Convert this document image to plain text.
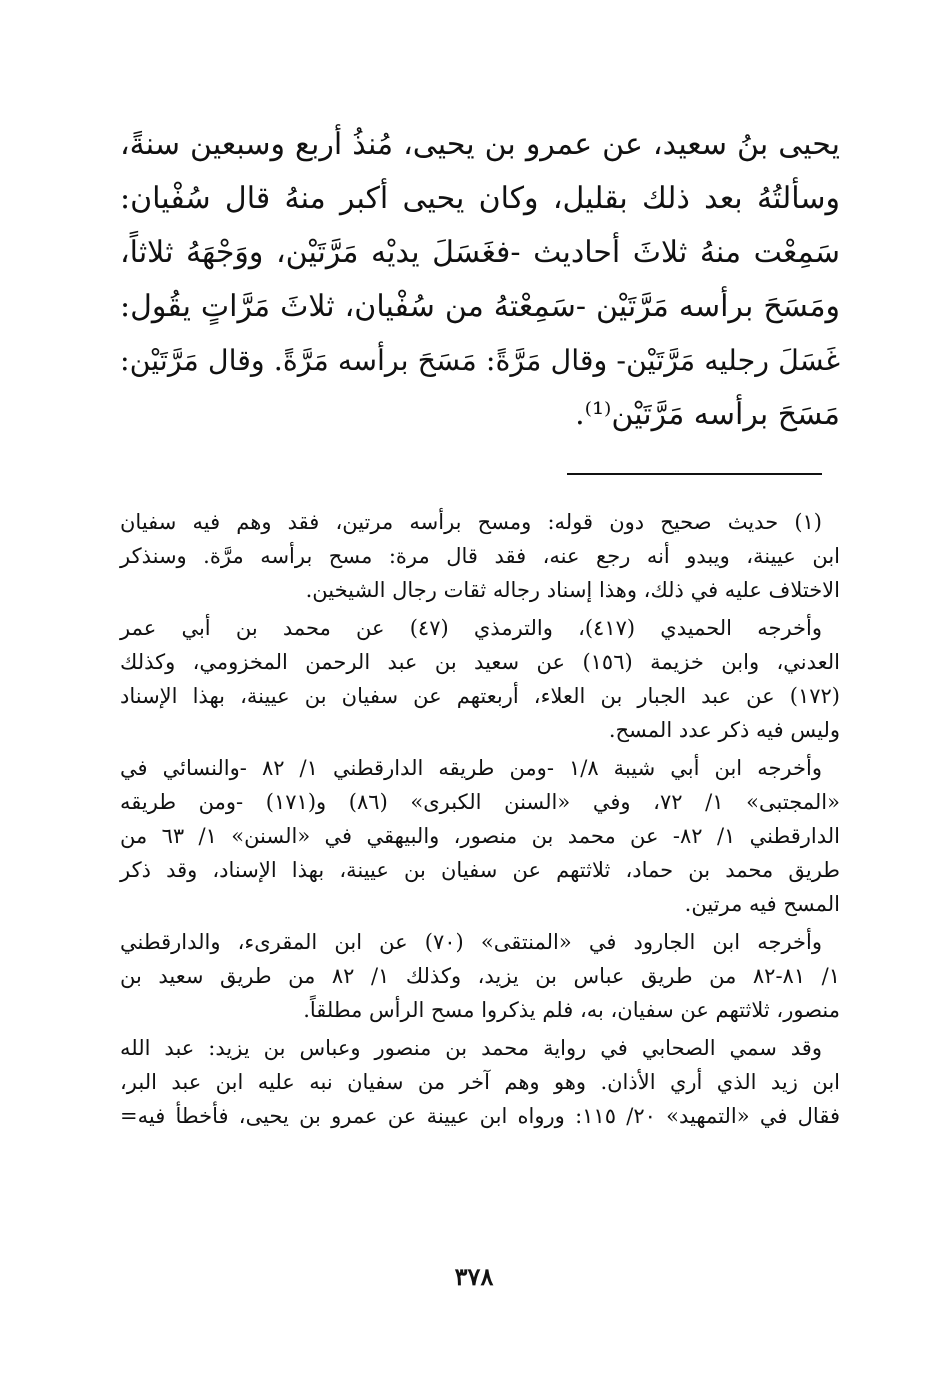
يحيى بنُ سعيد، عن عمرو بن يحيى، مُنذُ أربع وسبعين سنةً،
وسألتُهُ بعد ذلك بقليل، وكان يحيى أكبر منهُ قال سُفْيان:
سَمِعْت منهُ ثلاثَ أحاديث -فغَسَلَ يديْه مَرَّتَيْن، ووَجْهَهُ ثلاثاً،
ومَسَحَ برأسه مَرَّتَيْن -سَمِعْتهُ من سُفْيان، ثلاثَ مَرَّاتٍ يقُول:
غَسَلَ رجليه مَرَّتَيْن- وقال مَرَّةً: مَسَحَ برأسه مَرَّةً. وقال مَرَّتَيْن:
مَسَحَ برأسه مَرَّتَيْن⁽¹⁾.
(١) حديث صحيح دون قوله: ومسح برأسه مرتين، فقد وهم فيه سفيان
ابن عيينة، ويبدو أنه رجع عنه، فقد قال مرة: مسح برأسه مرَّة. وسنذكر
الاختلاف عليه في ذلك، وهذا إسناد رجاله ثقات رجال الشيخين.
وأخرجه الحميدي (٤١٧)، والترمذي (٤٧) عن محمد بن أبي عمر
العدني، وابن خزيمة (١٥٦) عن سعيد بن عبد الرحمن المخزومي، وكذلك
(١٧٢) عن عبد الجبار بن العلاء، أربعتهم عن سفيان بن عيينة، بهذا الإسناد
وليس فيه ذكر عدد المسح.
وأخرجه ابن أبي شيبة ١/٨ -ومن طريقه الدارقطني ١/ ٨٢ -والنسائي في
«المجتبى» ١/ ٧٢، وفي «السنن الكبرى» (٨٦) و(١٧١) -ومن طريقه
الدارقطني ١/ ٨٢- عن محمد بن منصور، والبيهقي في «السنن» ١/ ٦٣ من
طريق محمد بن حماد، ثلاثتهم عن سفيان بن عيينة، بهذا الإسناد، وقد ذكر
المسح فيه مرتين.
وأخرجه ابن الجارود في «المنتقى» (٧٠) عن ابن المقرىء، والدارقطني
١/ ٨١-٨٢ من طريق عباس بن يزيد، وكذلك ١/ ٨٢ من طريق سعيد بن
منصور، ثلاثتهم عن سفيان، به، فلم يذكروا مسح الرأس مطلقاً.
وقد سمي الصحابي في رواية محمد بن منصور وعباس بن يزيد: عبد الله
ابن زيد الذي أري الأذان. وهو وهم آخر من سفيان نبه عليه ابن عبد البر،
فقال في «التمهيد» ٢٠/ ١١٥: ورواه ابن عيينة عن عمرو بن يحيى، فأخطأ فيه=
٣٧٨
